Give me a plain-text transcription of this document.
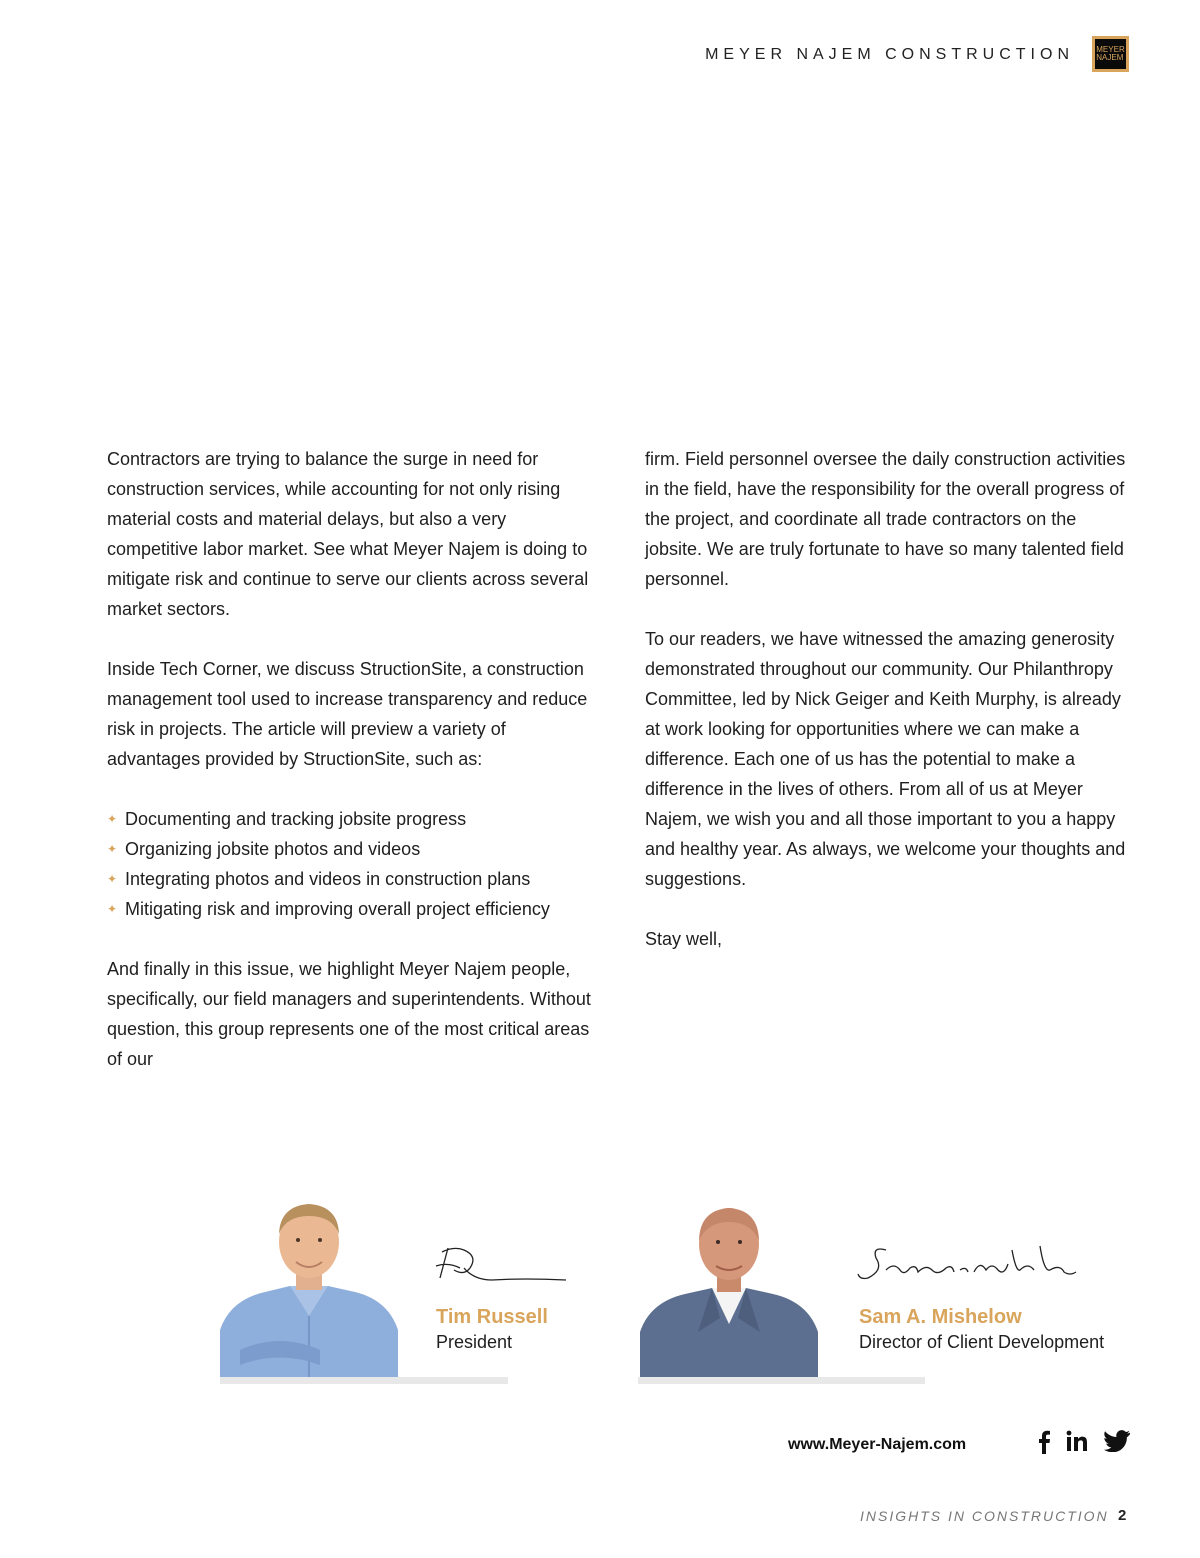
MEYER NAJEM CONSTRUCTION	MEYER
NAJEM

Contractors are trying to balance the surge in need for construction services, while accounting for not only rising material costs and material delays, but also a very competitive labor market. See what Meyer Najem is doing to mitigate risk and continue to serve our clients across several market sectors.

Inside Tech Corner, we discuss StructionSite, a construction management tool used to increase transparency and reduce risk in projects. The article will preview a variety of advantages provided by StructionSite, such as:

✦ Documenting and tracking jobsite progress
✦ Organizing jobsite photos and videos
✦ Integrating photos and videos in construction plans
✦ Mitigating risk and improving overall project efficiency

And finally in this issue, we highlight Meyer Najem people, specifically, our field managers and superintendents. Without question, this group represents one of the most critical areas of our

firm. Field personnel oversee the daily construction activities in the field, have the responsibility for the overall progress of the project, and coordinate all trade contractors on the jobsite. We are truly fortunate to have so many talented field personnel.

To our readers, we have witnessed the amazing generosity demonstrated throughout our community. Our Philanthropy Committee, led by Nick Geiger and Keith Murphy, is already at work looking for opportunities where we can make a difference. Each one of us has the potential to make a difference in the lives of others. From all of us at Meyer Najem, we wish you and all those important to you a happy and healthy year. As always, we welcome your thoughts and suggestions.

Stay well,

Tim Russell
President
Sam A. Mishelow
Director of Client Development
www.Meyer-Najem.com
INSIGHTS IN CONSTRUCTION 2
